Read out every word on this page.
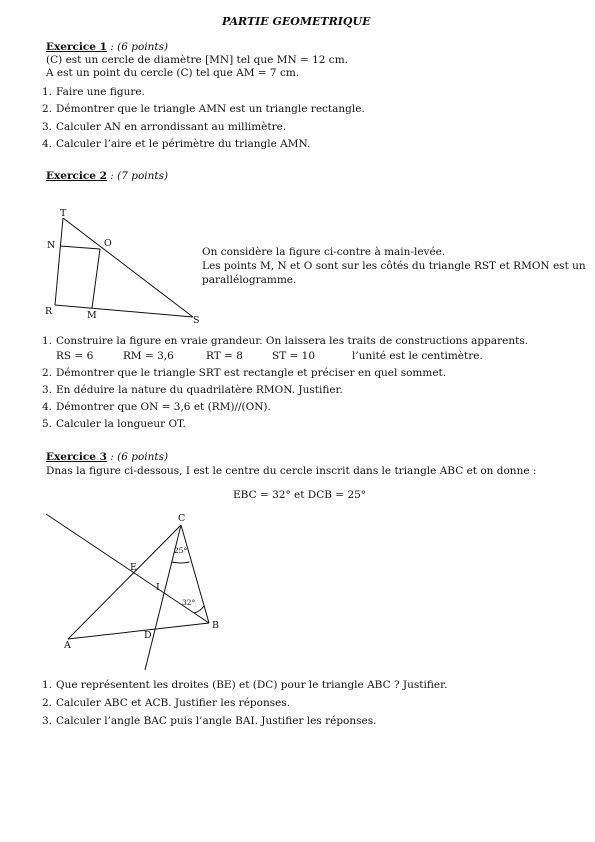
PARTIE GEOMETRIQUE
Exercice 1 : (6 points)
(C) est un cercle de diamètre [MN] tel que MN = 12 cm.
A est un point du cercle (C) tel que AM = 7 cm.
1. Faire une figure.
2. Démontrer que le triangle AMN est un triangle rectangle.
3. Calculer AN en arrondissant au millimètre.
4. Calculer l’aire et le périmètre du triangle AMN.
Exercice 2 : (7 points)
T
N	O
R	M	S
On considère la figure ci-contre à main-levée.
Les points M, N et O sont sur les côtés du triangle RST et RMON est un
parallélogramme.
1. Construire la figure en vraie grandeur. On laissera les traits de constructions apparents.
RS = 6	RM = 3,6	RT = 8	ST = 10	l’unité est le centimètre.
2. Démontrer que le triangle SRT est rectangle et préciser en quel sommet.
3. En déduire la nature du quadrilatère RMON. Justifier.
4. Démontrer que ON = 3,6 et (RM)//(ON).
5. Calculer la longueur OT.
Exercice 3 : (6 points)
Dnas la figure ci-dessous, I est le centre du cercle inscrit dans le triangle ABC et on donne :
EBC = 32° et DCB = 25°
C
E
I
B
D
A
25°
32°
1. Que représentent les droites (BE) et (DC) pour le triangle ABC ? Justifier.
2. Calculer ABC et ACB. Justifier les réponses.
3. Calculer l’angle BAC puis l’angle BAI. Justifier les réponses.
